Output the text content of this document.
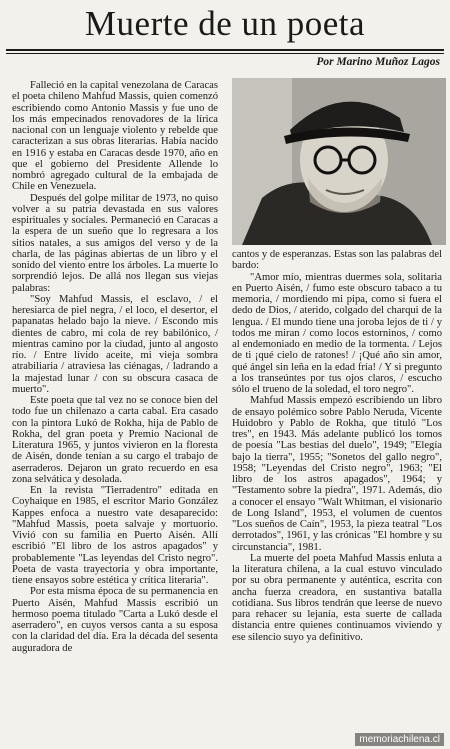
Muerte de un poeta
Por Marino Muñoz Lagos

Falleció en la capital venezolana de Caracas el poeta chileno Mahfud Massis, quien comenzó escribiendo como Antonio Massis y fue uno de los más empecinados renovadores de la lírica nacional con un lenguaje violento y rebelde que caracterizan a sus obras literarias. Había nacido en 1916 y estaba en Caracas desde 1970, año en que el gobierno del Presidente Allende lo nombró agregado cultural de la embajada de Chile en Venezuela.

Después del golpe militar de 1973, no quiso volver a su patria devastada en sus valores espirituales y sociales. Permaneció en Caracas a la espera de un sueño que lo regresara a los sitios natales, a sus amigos del verso y de la charla, de las páginas abiertas de un libro y el sonido del viento entre los árboles. La muerte lo sorprendió lejos. De allá nos llegan sus viejas palabras:

"Soy Mahfud Massis, el esclavo, / el heresiarca de piel negra, / el loco, el desertor, el papanatas helado bajo la nieve. / Escondo mis dientes de cabro, mi cola de rey babilónico, / mientras camino por la ciudad, junto al angosto río. / Entre lívido aceite, mi vieja sombra atrabiliaria / atraviesa las ciénagas, / ladrando a la majestad lunar / con su obscura casaca de muerto".

Este poeta que tal vez no se conoce bien del todo fue un chilenazo a carta cabal. Era casado con la pintora Lukó de Rokha, hija de Pablo de Rokha, del gran poeta y Premio Nacional de Literatura 1965, y juntos vivieron en la floresta de Aisén, donde tenían a su cargo el trabajo de aserraderos. Dejaron un grato recuerdo en esa zona selvática y desolada.

En la revista "Tierradentro" editada en Coyhaique en 1985, el escritor Mario González Kappes enfoca a nuestro vate desaparecido: "Mahfud Massis, poeta salvaje y mortuorio. Vivió con su familia en Puerto Aisén. Allí escribió "El libro de los astros apagados" y probablemente "Las leyendas del Cristo negro". Poeta de vasta trayectoria y obra importante, tiene ensayos sobre estética y crítica literaria".

Por esta misma época de su permanencia en Puerto Aisén, Mahfud Massis escribió un hermoso poema titulado "Carta a Lukó desde el aserradero", en cuyos versos canta a su esposa con la claridad del día. Era la década del sesenta auguradora de

cantos y de esperanzas. Estas son las palabras del bardo:

"Amor mío, mientras duermes sola, solitaria en Puerto Aisén, / fumo este obscuro tabaco a tu memoria, / mordiendo mi pipa, como si fuera el dedo de Dios, / aterido, colgado del charqui de la lengua. / El mundo tiene una joroba lejos de ti / y todos me miran / como locos estorninos, / como al endemoniado en medio de la tormenta. / Lejos de ti ¡qué cielo de ratones! / ¡Qué año sin amor, qué ángel sin leña en la edad fría! / Y si pregunto a los transeúntes por tus ojos claros, / escucho sólo el trueno de la soledad, el toro negro".

Mahfud Massis empezó escribiendo un libro de ensayo polémico sobre Pablo Neruda, Vicente Huidobro y Pablo de Rokha, que tituló "Los tres", en 1943. Más adelante publicó los tomos de poesía "Las bestias del duelo", 1949; "Elegía bajo la tierra", 1955; "Sonetos del gallo negro", 1958; "Leyendas del Cristo negro", 1963; "El libro de los astros apagados", 1964; y "Testamento sobre la piedra", 1971. Además, dio a conocer el ensayo "Walt Whitman, el visionario de Long Island", 1953, el volumen de cuentos "Los sueños de Caín", 1953, la pieza teatral "Los derrotados", 1961, y las crónicas "El hombre y su circunstancia", 1981.

La muerte del poeta Mahfud Massis enluta a la literatura chilena, a la cual estuvo vinculado por su obra permanente y auténtica, escrita con ancha fuerza creadora, en sustantiva batalla cotidiana. Sus libros tendrán que leerse de nuevo para rehacer su lejanía, esta suerte de callada distancia entre quienes continuamos viviendo y ese silencio suyo ya definitivo.

memoriachilena.cl
